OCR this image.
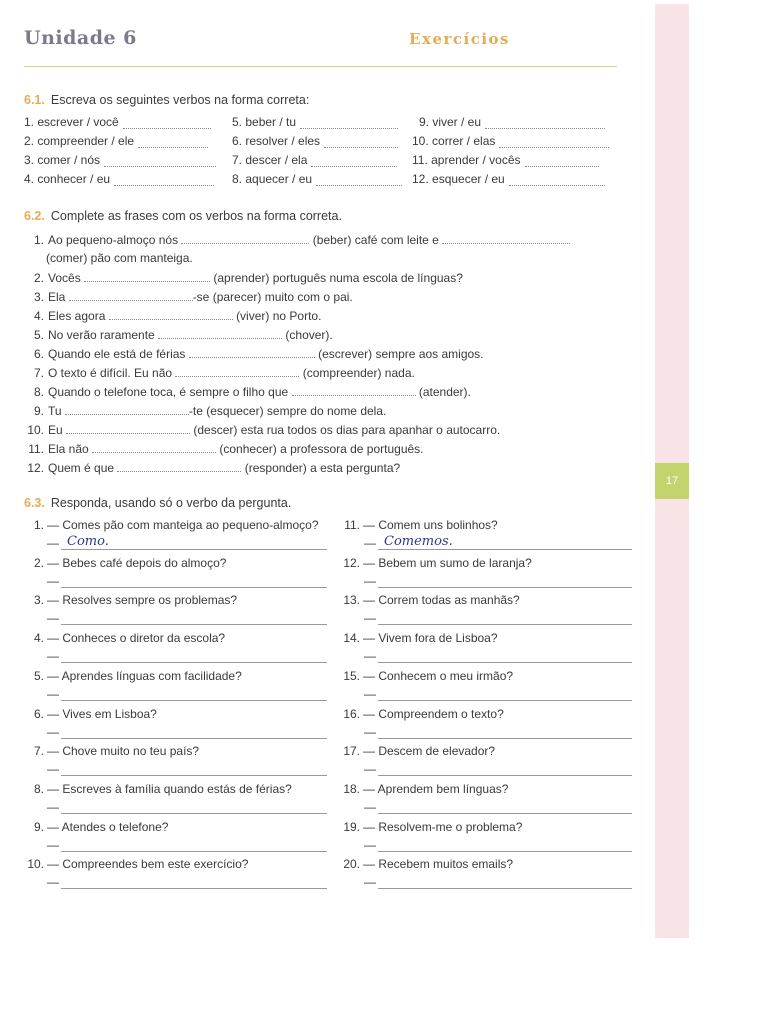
Unidade 6	Exercícios
6.1. Escreva os seguintes verbos na forma correta:
1. escrever / você
2. compreender / ele
3. comer / nós
4. conhecer / eu
5. beber / tu
6. resolver / eles
7. descer / ela
8. aquecer / eu
9. viver / eu
10. correr / elas
11. aprender / vocês
12. esquecer / eu
6.2. Complete as frases com os verbos na forma correta.
1. Ao pequeno-almoço nós	(beber) café com leite e
(comer) pão com manteiga.
2. Vocês	(aprender) português numa escola de línguas?
3. Ela	-se (parecer) muito com o pai.
4. Eles agora	(viver) no Porto.
5. No verão raramente	(chover).
6. Quando ele está de férias	(escrever) sempre aos amigos.
7. O texto é difícil. Eu não	(compreender) nada.
8. Quando o telefone toca, é sempre o filho que	(atender).
9. Tu	-te (esquecer) sempre do nome dela.
10. Eu	(descer) esta rua todos os dias para apanhar o autocarro.
11. Ela não	(conhecer) a professora de português.
12. Quem é que	(responder) a esta pergunta?
6.3. Responda, usando só o verbo da pergunta.
1. — Comes pão com manteiga ao pequeno-almoço?
— Como.
2. — Bebes café depois do almoço?
—
3. — Resolves sempre os problemas?
—
4. — Conheces o diretor da escola?
—
5. — Aprendes línguas com facilidade?
—
6. — Vives em Lisboa?
—
7. — Chove muito no teu país?
—
8. — Escreves à família quando estás de férias?
—
9. — Atendes o telefone?
—
10. — Compreendes bem este exercício?
—
11. — Comem uns bolinhos?
— Comemos.
12. — Bebem um sumo de laranja?
—
13. — Correm todas as manhãs?
—
14. — Vivem fora de Lisboa?
—
15. — Conhecem o meu irmão?
—
16. — Compreendem o texto?
—
17. — Descem de elevador?
—
18. — Aprendem bem línguas?
—
19. — Resolvem-me o problema?
—
20. — Recebem muitos emails?
—
17
